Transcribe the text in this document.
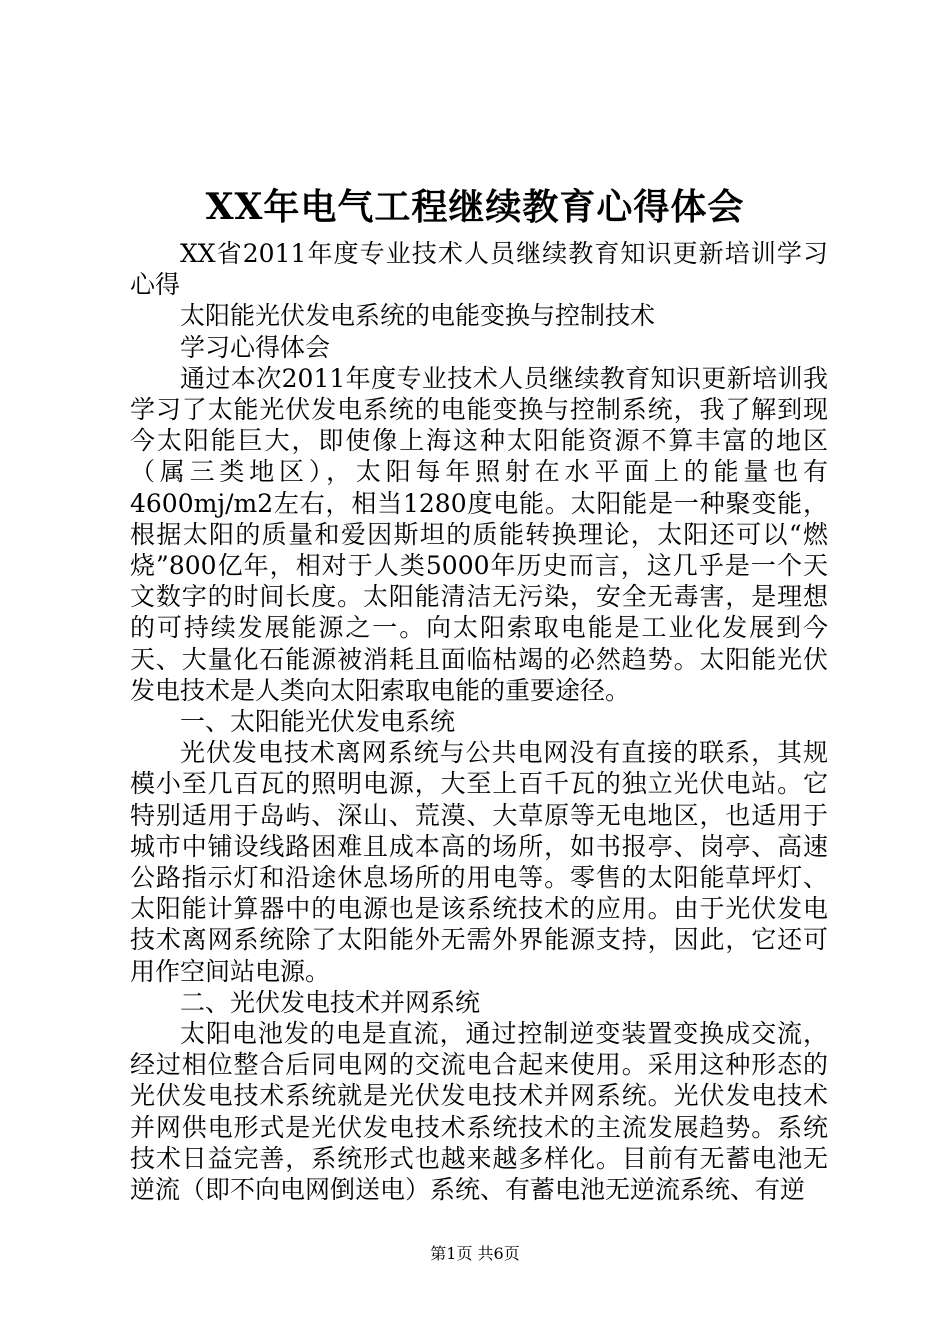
XX年电气工程继续教育心得体会

XX省2011年度专业技术人员继续教育知识更新培训学习心得

太阳能光伏发电系统的电能变换与控制技术

学习心得体会

通过本次2011年度专业技术人员继续教育知识更新培训我学习了太能光伏发电系统的电能变换与控制系统，我了解到现今太阳能巨大，即使像上海这种太阳能资源不算丰富的地区（属三类地区），太阳每年照射在水平面上的能量也有4600mj/m2左右，相当1280度电能。太阳能是一种聚变能，根据太阳的质量和爱因斯坦的质能转换理论，太阳还可以“燃烧”800亿年，相对于人类5000年历史而言，这几乎是一个天文数字的时间长度。太阳能清洁无污染，安全无毒害，是理想的可持续发展能源之一。向太阳索取电能是工业化发展到今天、大量化石能源被消耗且面临枯竭的必然趋势。太阳能光伏发电技术是人类向太阳索取电能的重要途径。

一、太阳能光伏发电系统

光伏发电技术离网系统与公共电网没有直接的联系，其规模小至几百瓦的照明电源，大至上百千瓦的独立光伏电站。它特别适用于岛屿、深山、荒漠、大草原等无电地区，也适用于城市中铺设线路困难且成本高的场所，如书报亭、岗亭、高速公路指示灯和沿途休息场所的用电等。零售的太阳能草坪灯、太阳能计算器中的电源也是该系统技术的应用。由于光伏发电技术离网系统除了太阳能外无需外界能源支持，因此，它还可用作空间站电源。

二、光伏发电技术并网系统

太阳电池发的电是直流，通过控制逆变装置变换成交流，经过相位整合后同电网的交流电合起来使用。采用这种形态的光伏发电技术系统就是光伏发电技术并网系统。光伏发电技术并网供电形式是光伏发电技术系统技术的主流发展趋势。系统技术日益完善，系统形式也越来越多样化。目前有无蓄电池无逆流（即不向电网倒送电）系统、有蓄电池无逆流系统、有逆

第1页 共6页
